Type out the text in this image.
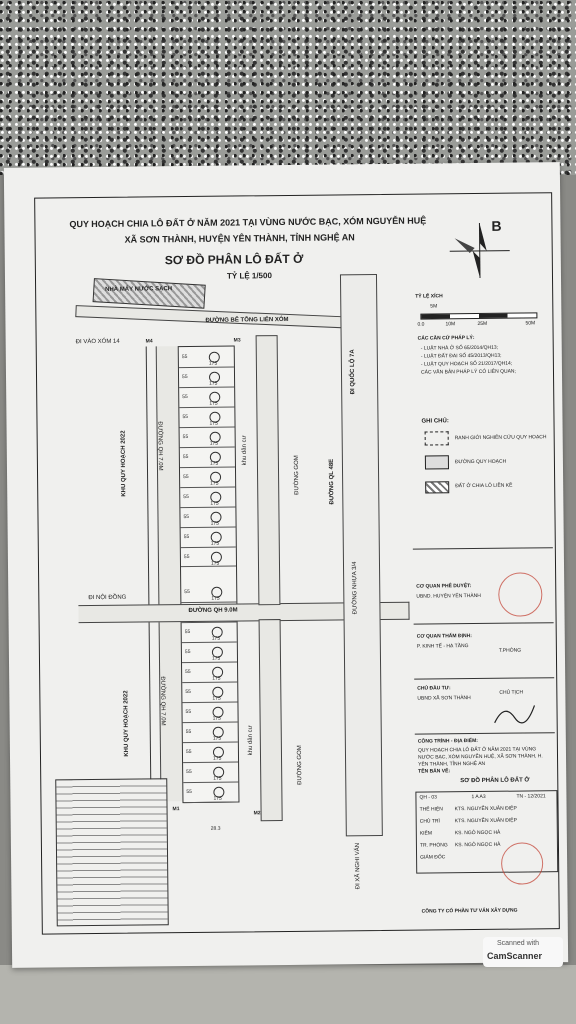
QUY HOẠCH CHIA LÔ ĐẤT Ở NĂM 2021 TẠI VÙNG NƯỚC BẠC, XÓM NGUYỄN HUỆ
XÃ SƠN THÀNH, HUYỆN YÊN THÀNH, TỈNH NGHỆ AN
SƠ ĐỒ PHÂN LÔ ĐẤT Ở
TỶ LỆ 1/500
B
TỶ LỆ XÍCH
5M
0.0	10M	25M	50M
CÁC CĂN CỨ PHÁP LÝ:
- LUẬT NHÀ Ở SỐ 65/2014/QH13;
- LUẬT ĐẤT ĐAI SỐ 45/2013/QH13;
- LUẬT QUY HOẠCH SỐ 21/2017/QH14;
CÁC VĂN BẢN PHÁP LÝ CÓ LIÊN QUAN;
GHI CHÚ:
RANH GIỚI NGHIÊN CỨU QUY HOẠCH
ĐƯỜNG QUY HOẠCH
ĐẤT Ở CHIA LÔ LIỀN KỀ
CƠ QUAN PHÊ DUYỆT:
UBND. HUYỆN YÊN THÀNH
CƠ QUAN THẨM ĐỊNH:
P. KINH TẾ - HẠ TẦNG
T.PHÒNG
CHỦ ĐẦU TƯ:
UBND XÃ SƠN THÀNH
CHỦ TỊCH
CÔNG TRÌNH - ĐỊA ĐIỂM:
QUY HOẠCH CHIA LÔ ĐẤT Ở NĂM 2021 TẠI VÙNG NƯỚC BẠC, XÓM NGUYỄN HUỆ, XÃ SƠN THÀNH, H. YÊN THÀNH, TỈNH NGHỆ AN
TÊN BẢN VẼ:
SƠ ĐỒ PHÂN LÔ ĐẤT Ở
QH - 03	1 A A3	TN - 12/2021
THỂ HIỆN KTS. NGUYỄN XUÂN ĐIỆP
CHỦ TRÌ	KTS. NGUYỄN XUÂN ĐIỆP
KIỂM	KS. NGÔ NGỌC HÀ
TR. PHÒNG KS. NGÔ NGỌC HÀ
GIÁM ĐỐC
CÔNG TY CỔ PHẦN TƯ VẤN XÂY DỰNG
NHÀ MÁY NƯỚC SẠCH
ĐƯỜNG BÊ TÔNG LIÊN XÓM
ĐI VÀO XÓM 14	M4	M3
KHU QUY HOẠCH 2022
KHU QUY HOẠCH 2022
ĐƯỜNG QH 7.0M
ĐƯỜNG QH 7.0M
55
175
55
175
55
175
55
175
55
175
55
175
55
175
55
175
55
175
55
175
55
175
55
175
55
175
55
175
55
175
55
175
55
175
55
175
55
175
55
175
55
175
ĐI NỘI ĐỒNG
ĐƯỜNG QH 9.0M
khu dân cư
khu dân cư
ĐƯỜNG GOM
ĐƯỜNG GOM
ĐƯỜNG QL 48E
ĐI QUỐC LỘ 7A
ĐƯỜNG NHỰA 3/4
ĐI XÃ NGHI VĂN
M1
M2
28.3
Scanned with
CamScanner
